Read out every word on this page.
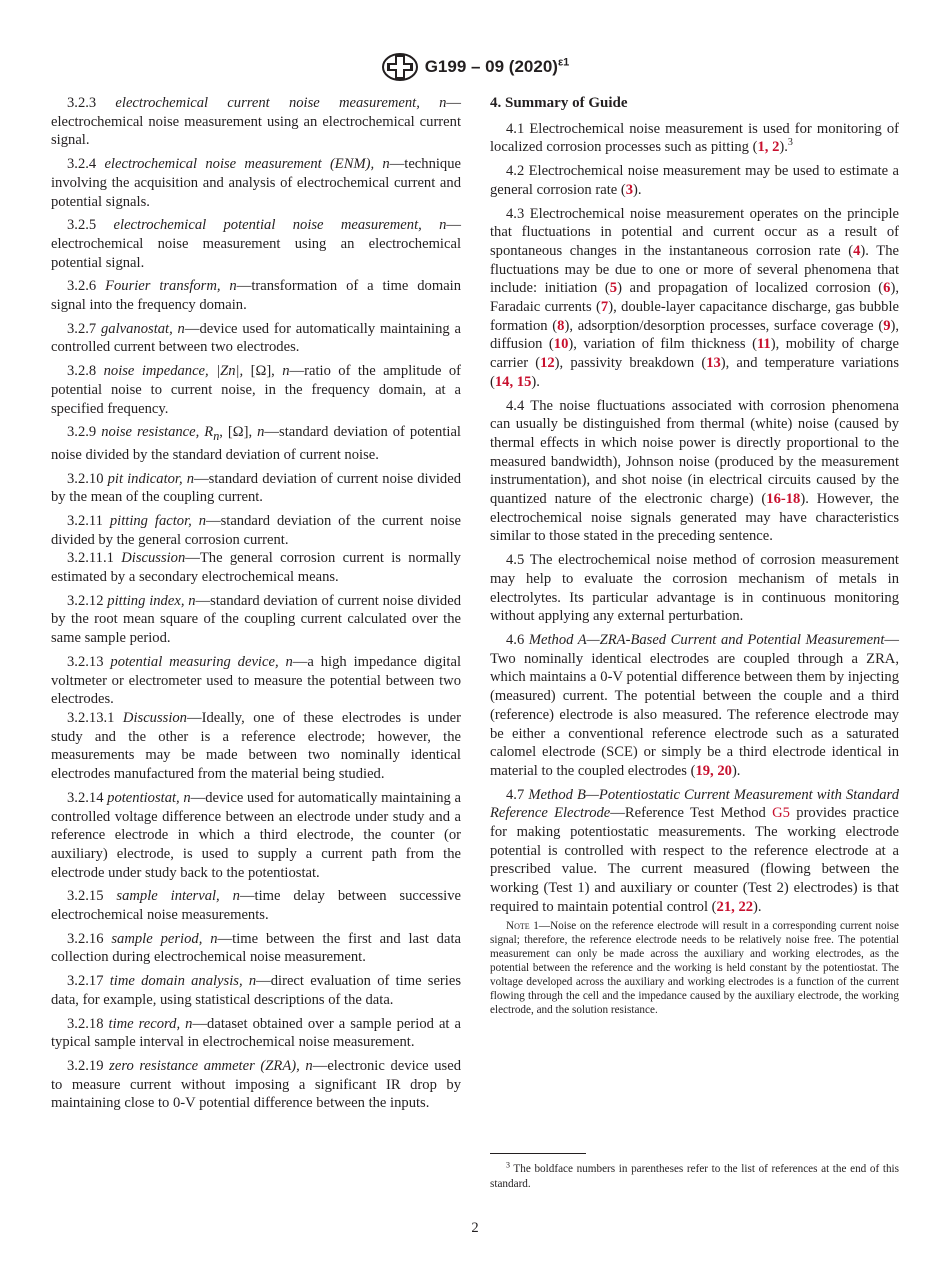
G199 – 09 $(2020)^{\varepsilon 1}$

3.2.3 electrochemical current noise measurement, n—electrochemical noise measurement using an electrochemical current signal.

3.2.4 electrochemical noise measurement (ENM), n—technique involving the acquisition and analysis of electrochemical current and potential signals.

3.2.5 electrochemical potential noise measurement, n—electrochemical noise measurement using an electrochemical potential signal.

3.2.6 Fourier transform, n—transformation of a time domain signal into the frequency domain.

3.2.7 galvanostat, n—device used for automatically maintaining a controlled current between two electrodes.

3.2.8 noise impedance, |Zn|, [Ω], n—ratio of the amplitude of potential noise to current noise, in the frequency domain, at a specified frequency.

3.2.9 noise resistance, $R_n$, [Ω], n—standard deviation of potential noise divided by the standard deviation of current noise.

3.2.10 pit indicator, n—standard deviation of current noise divided by the mean of the coupling current.

3.2.11 pitting factor, n—standard deviation of the current noise divided by the general corrosion current.

3.2.11.1 Discussion—The general corrosion current is normally estimated by a secondary electrochemical means.

3.2.12 pitting index, n—standard deviation of current noise divided by the root mean square of the coupling current calculated over the same sample period.

3.2.13 potential measuring device, n—a high impedance digital voltmeter or electrometer used to measure the potential between two electrodes.

3.2.13.1 Discussion—Ideally, one of these electrodes is under study and the other is a reference electrode; however, the measurements may be made between two nominally identical electrodes manufactured from the material being studied.

3.2.14 potentiostat, n—device used for automatically maintaining a controlled voltage difference between an electrode under study and a reference electrode in which a third electrode, the counter (or auxiliary) electrode, is used to supply a current path from the electrode under study back to the potentiostat.

3.2.15 sample interval, n—time delay between successive electrochemical noise measurements.

3.2.16 sample period, n—time between the first and last data collection during electrochemical noise measurement.

3.2.17 time domain analysis, n—direct evaluation of time series data, for example, using statistical descriptions of the data.

3.2.18 time record, n—dataset obtained over a sample period at a typical sample interval in electrochemical noise measurement.

3.2.19 zero resistance ammeter (ZRA), n—electronic device used to measure current without imposing a significant IR drop by maintaining close to 0-V potential difference between the inputs.

4. Summary of Guide

4.1 Electrochemical noise measurement is used for monitoring of localized corrosion processes such as pitting (1, 2).$^3$

4.2 Electrochemical noise measurement may be used to estimate a general corrosion rate (3).

4.3 Electrochemical noise measurement operates on the principle that fluctuations in potential and current occur as a result of spontaneous changes in the instantaneous corrosion rate (4). The fluctuations may be due to one or more of several phenomena that include: initiation (5) and propagation of localized corrosion (6), Faradaic currents (7), double-layer capacitance discharge, gas bubble formation (8), adsorption/desorption processes, surface coverage (9), diffusion (10), variation of film thickness (11), mobility of charge carrier (12), passivity breakdown (13), and temperature variations (14, 15).

4.4 The noise fluctuations associated with corrosion phenomena can usually be distinguished from thermal (white) noise (caused by thermal effects in which noise power is directly proportional to the measured bandwidth), Johnson noise (produced by the measurement instrumentation), and shot noise (in electrical circuits caused by the quantized nature of the electronic charge) (16-18). However, the electrochemical noise signals generated may have characteristics similar to those stated in the preceding sentence.

4.5 The electrochemical noise method of corrosion measurement may help to evaluate the corrosion mechanism of metals in electrolytes. Its particular advantage is in continuous monitoring without applying any external perturbation.

4.6 Method A—ZRA-Based Current and Potential Measurement—Two nominally identical electrodes are coupled through a ZRA, which maintains a 0-V potential difference between them by injecting (measured) current. The potential between the couple and a third (reference) electrode is also measured. The reference electrode may be either a conventional reference electrode such as a saturated calomel electrode (SCE) or simply be a third electrode identical in material to the coupled electrodes (19, 20).

4.7 Method B—Potentiostatic Current Measurement with Standard Reference Electrode—Reference Test Method G5 provides practice for making potentiostatic measurements. The working electrode potential is controlled with respect to the reference electrode at a prescribed value. The current measured (flowing between the working (Test 1) and auxiliary or counter (Test 2) electrodes) is that required to maintain potential control (21, 22).

Note 1—Noise on the reference electrode will result in a corresponding current noise signal; therefore, the reference electrode needs to be relatively noise free. The potential measurement can only be made across the auxiliary and working electrodes, as the potential between the reference and the working is held constant by the potentiostat. The voltage developed across the auxiliary and working electrodes is a function of the current flowing through the cell and the impedance caused by the auxiliary electrode, the working electrode, and the solution resistance.

$^3$ The boldface numbers in parentheses refer to the list of references at the end of this standard.
2
